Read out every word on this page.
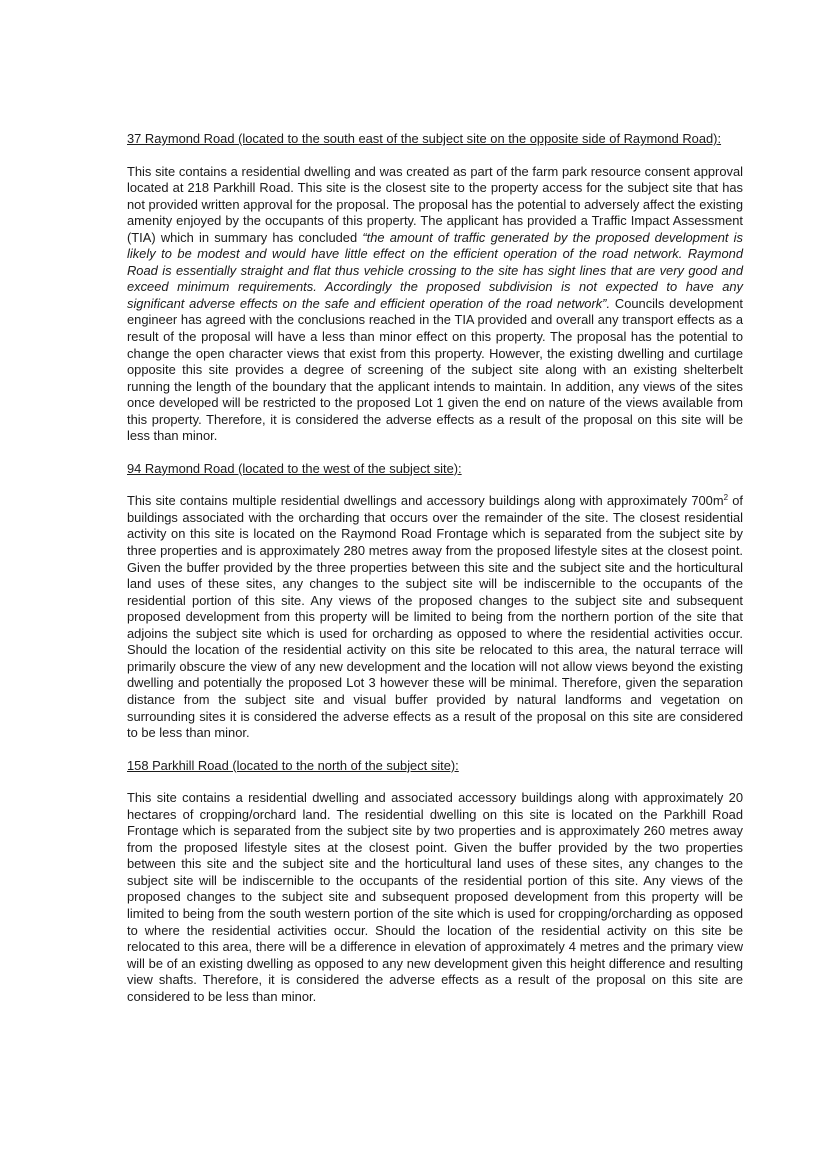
37 Raymond Road (located to the south east of the subject site on the opposite side of Raymond Road):

This site contains a residential dwelling and was created as part of the farm park resource consent approval located at 218 Parkhill Road. This site is the closest site to the property access for the subject site that has not provided written approval for the proposal. The proposal has the potential to adversely affect the existing amenity enjoyed by the occupants of this property. The applicant has provided a Traffic Impact Assessment (TIA) which in summary has concluded “the amount of traffic generated by the proposed development is likely to be modest and would have little effect on the efficient operation of the road network. Raymond Road is essentially straight and flat thus vehicle crossing to the site has sight lines that are very good and exceed minimum requirements. Accordingly the proposed subdivision is not expected to have any significant adverse effects on the safe and efficient operation of the road network”. Councils development engineer has agreed with the conclusions reached in the TIA provided and overall any transport effects as a result of the proposal will have a less than minor effect on this property. The proposal has the potential to change the open character views that exist from this property. However, the existing dwelling and curtilage opposite this site provides a degree of screening of the subject site along with an existing shelterbelt running the length of the boundary that the applicant intends to maintain. In addition, any views of the sites once developed will be restricted to the proposed Lot 1 given the end on nature of the views available from this property. Therefore, it is considered the adverse effects as a result of the proposal on this site will be less than minor.

94 Raymond Road (located to the west of the subject site):

This site contains multiple residential dwellings and accessory buildings along with approximately $700m^2$ of buildings associated with the orcharding that occurs over the remainder of the site. The closest residential activity on this site is located on the Raymond Road Frontage which is separated from the subject site by three properties and is approximately 280 metres away from the proposed lifestyle sites at the closest point. Given the buffer provided by the three properties between this site and the subject site and the horticultural land uses of these sites, any changes to the subject site will be indiscernible to the occupants of the residential portion of this site. Any views of the proposed changes to the subject site and subsequent proposed development from this property will be limited to being from the northern portion of the site that adjoins the subject site which is used for orcharding as opposed to where the residential activities occur. Should the location of the residential activity on this site be relocated to this area, the natural terrace will primarily obscure the view of any new development and the location will not allow views beyond the existing dwelling and potentially the proposed Lot 3 however these will be minimal. Therefore, given the separation distance from the subject site and visual buffer provided by natural landforms and vegetation on surrounding sites it is considered the adverse effects as a result of the proposal on this site are considered to be less than minor.

158 Parkhill Road (located to the north of the subject site):

This site contains a residential dwelling and associated accessory buildings along with approximately 20 hectares of cropping/orchard land. The residential dwelling on this site is located on the Parkhill Road Frontage which is separated from the subject site by two properties and is approximately 260 metres away from the proposed lifestyle sites at the closest point. Given the buffer provided by the two properties between this site and the subject site and the horticultural land uses of these sites, any changes to the subject site will be indiscernible to the occupants of the residential portion of this site. Any views of the proposed changes to the subject site and subsequent proposed development from this property will be limited to being from the south western portion of the site which is used for cropping/orcharding as opposed to where the residential activities occur. Should the location of the residential activity on this site be relocated to this area, there will be a difference in elevation of approximately 4 metres and the primary view will be of an existing dwelling as opposed to any new development given this height difference and resulting view shafts. Therefore, it is considered the adverse effects as a result of the proposal on this site are considered to be less than minor.
